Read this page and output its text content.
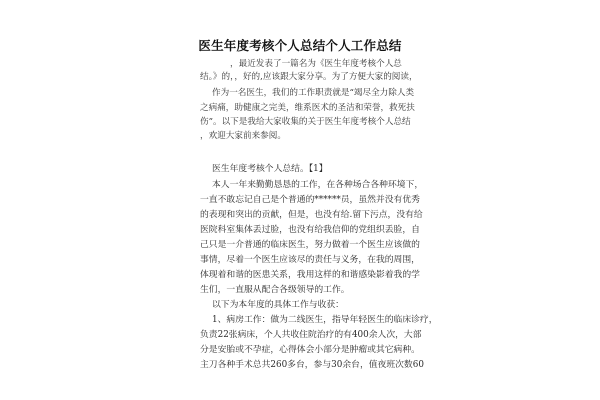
医生年度考核个人总结个人工作总结
，最近发表了一篇名为《医生年度考核个人总
结。》的，，好的,应该跟大家分享。为了方便大家的阅读，
作为一名医生，我们的工作职责就是“竭尽全力除人类
之病痛，助健康之完美，维系医术的圣洁和荣誉，救死扶
伤”。以下是我给大家收集的关于医生年度考核个人总结
，欢迎大家前来参阅。
医生年度考核个人总结。【1】
本人一年来勤勤恳恳的工作，在各种场合各种环境下，
一直不敢忘记自己是个普通的******员，虽然并没有优秀
的表现和突出的贡献，但是，也没有给.留下污点，没有给
医院科室集体丢过脸，也没有给我信仰的党组织丢脸，自
己只是一介普通的临床医生，努力做着一个医生应该做的
事情，尽着一个医生应该尽的责任与义务，在我的周围，
体现着和谐的医患关系，我用这样的和谐感染影着我的学
生们，一直服从配合各级领导的工作。
以下为本年度的具体工作与收获：
1、病房工作：做为二线医生，指导年轻医生的临床诊疗，
负责22张病床，个人共收住院治疗的有400余人次，大部
分是安胎或不孕症，心得体会小部分是肿瘤或其它病种。
主刀各种手术总共260多台，参与30余台，值夜班次数60
